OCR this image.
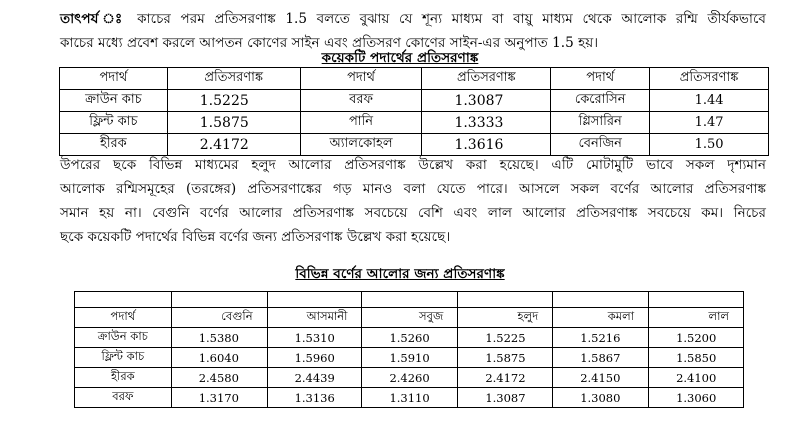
তাৎপর্য ঃ কাচের পরম প্রতিসরণাঙ্ক 1.5 বলতে বুঝায় যে শূন্য মাধ্যম বা বায়ু মাধ্যম থেকে আলোক রশ্মি তীর্যকভাবে
কাচের মধ্যে প্রবেশ করলে আপতন কোণের সাইন এবং প্রতিসরণ কোণের সাইন-এর অনুপাত 1.5 হয়।
কয়েকটি পদার্থের প্রতিসরণাঙ্ক
পদার্থ	প্রতিসরণাঙ্ক	পদার্থ	প্রতিসরণাঙ্ক	পদার্থ	প্রতিসরণাঙ্ক
ক্রাউন কাচ	1.5225	বরফ	1.3087	কেরোসিন	1.44
ফ্লিন্ট কাচ	1.5875	পানি	1.3333	গ্লিসারিন	1.47
হীরক	2.4172	অ্যালকোহল	1.3616	বেনজিন	1.50
উপরের ছকে বিভিন্ন মাধ্যমের হলুদ আলোর প্রতিসরণাঙ্ক উল্লেখ করা হয়েছে। এটি মোটামুটি ভাবে সকল দৃশ্যমান
আলোক রশ্মিসমূহের (তরঙ্গের) প্রতিসরণাঙ্কের গড় মানও বলা যেতে পারে। আসলে সকল বর্ণের আলোর প্রতিসরণাঙ্ক
সমান হয় না। বেগুনি বর্ণের আলোর প্রতিসরণাঙ্ক সবচেয়ে বেশি এবং লাল আলোর প্রতিসরণাঙ্ক সবচেয়ে কম। নিচের
ছকে কয়েকটি পদার্থের বিভিন্ন বর্ণের জন্য প্রতিসরণাঙ্ক উল্লেখ করা হয়েছে।
বিভিন্ন বর্ণের আলোর জন্য প্রতিসরণাঙ্ক

পদার্থ	বেগুনি	আসমানী	সবুজ	হলুদ	কমলা	লাল
ক্রাউন কাচ	1.5380	1.5310	1.5260	1.5225	1.5216	1.5200
ফ্লিন্ট কাচ	1.6040	1.5960	1.5910	1.5875	1.5867	1.5850
হীরক	2.4580	2.4439	2.4260	2.4172	2.4150	2.4100
বরফ	1.3170	1.3136	1.3110	1.3087	1.3080	1.3060
